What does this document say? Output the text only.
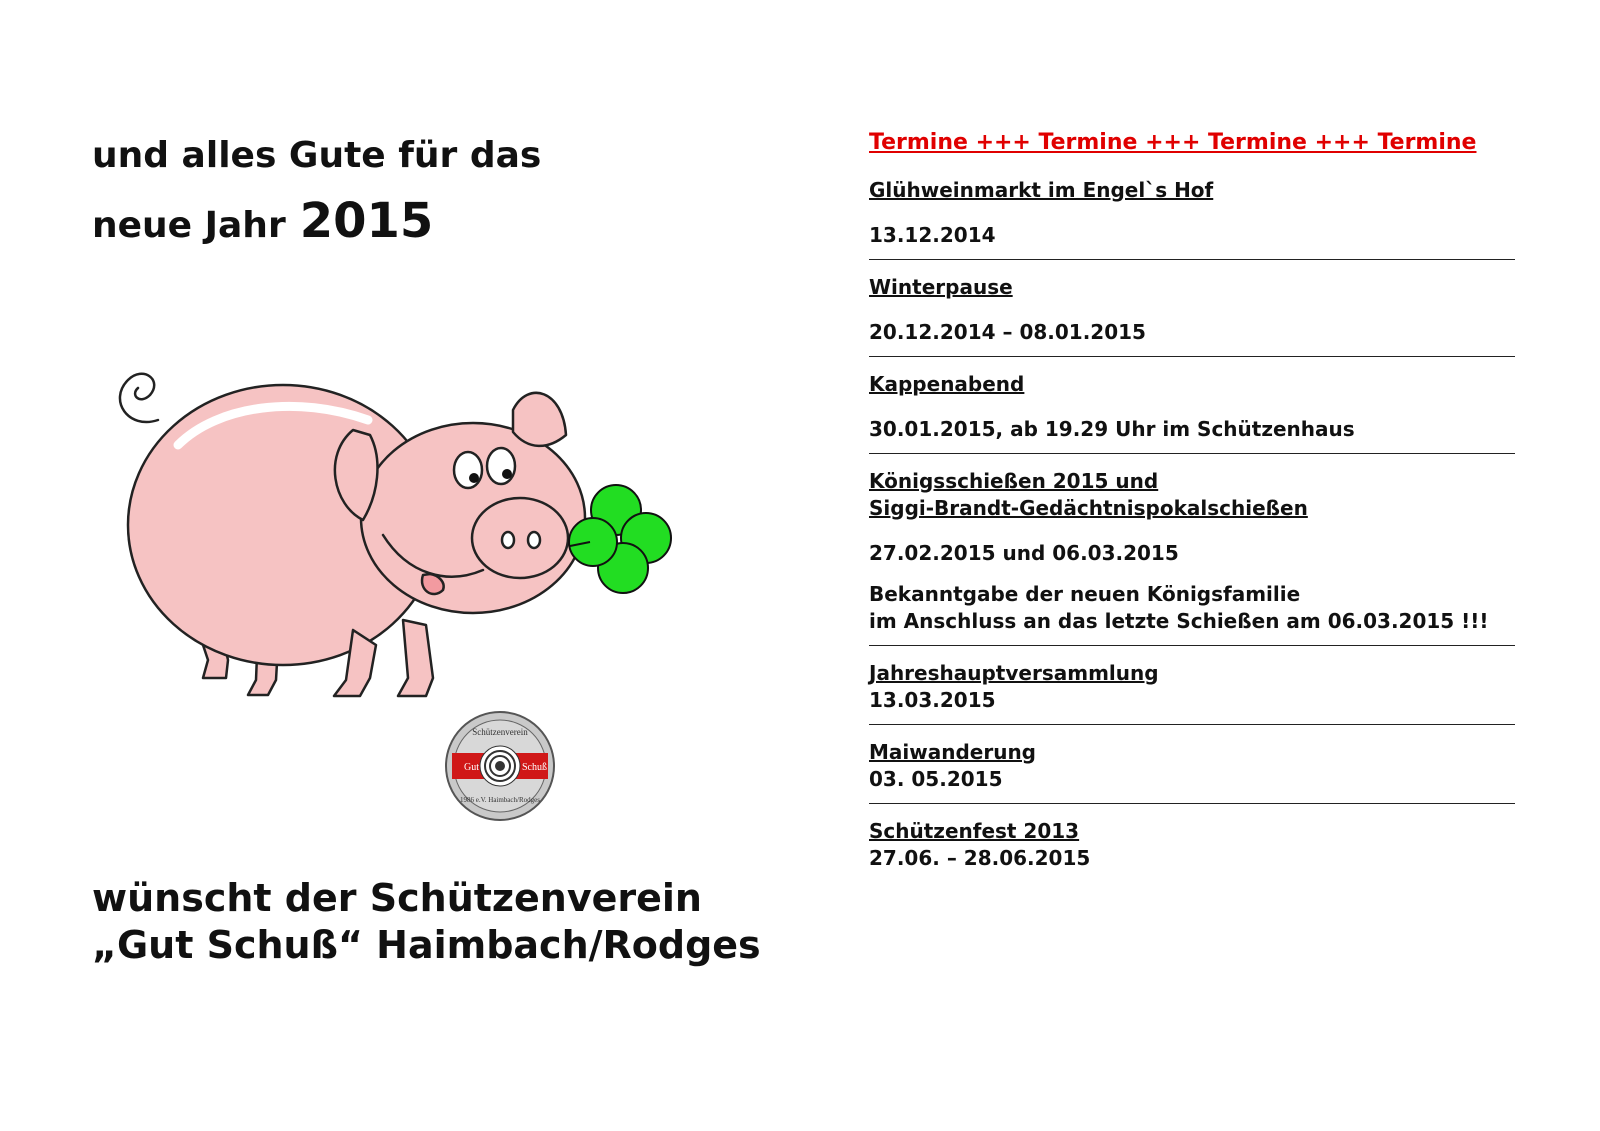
und alles Gute für das
neue Jahr 2015
Gut	Schuß
Schützenverein
1986 e.V. Haimbach/Rodges
wünscht der Schützenverein
„Gut Schuß“ Haimbach/Rodges
Termine +++ Termine +++ Termine +++ Termine
Glühweinmarkt im Engel`s Hof
13.12.2014
Winterpause
20.12.2014 – 08.01.2015
Kappenabend
30.01.2015, ab 19.29 Uhr im Schützenhaus
Königsschießen 2015 und
Siggi-Brandt-Gedächtnispokalschießen
27.02.2015 und 06.03.2015
Bekanntgabe der neuen Königsfamilie
im Anschluss an das letzte Schießen am 06.03.2015 !!!
Jahreshauptversammlung
13.03.2015
Maiwanderung
03. 05.2015
Schützenfest 2013
27.06. – 28.06.2015
